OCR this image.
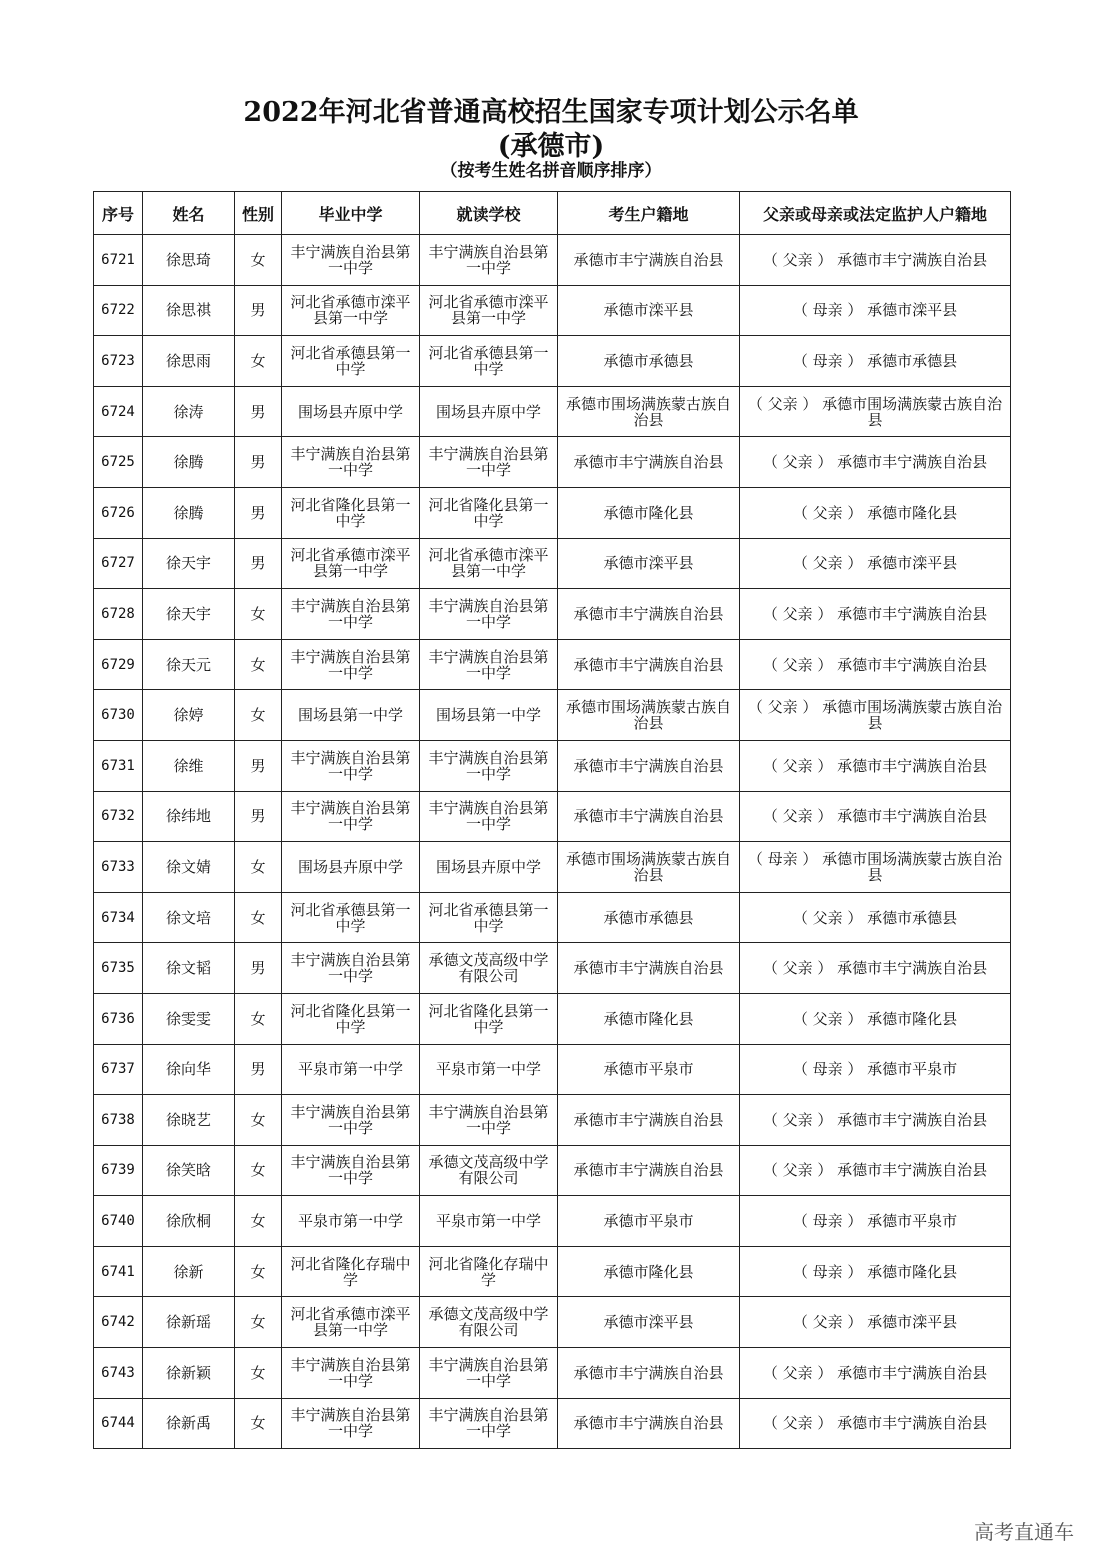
2022年河北省普通高校招生国家专项计划公示名单
(承德市)
（按考生姓名拼音顺序排序）
序号	姓名	性别	毕业中学	就读学校	考生户籍地	父亲或母亲或法定监护人户籍地
6721	徐思琦	女	丰宁满族自治县第一中学	丰宁满族自治县第一中学	承德市丰宁满族自治县	（ 父亲 ） 承德市丰宁满族自治县
6722	徐思祺	男	河北省承德市滦平县第一中学	河北省承德市滦平县第一中学	承德市滦平县	（ 母亲 ） 承德市滦平县
6723	徐思雨	女	河北省承德县第一中学	河北省承德县第一中学	承德市承德县	（ 母亲 ） 承德市承德县
6724	徐涛	男	围场县卉原中学	围场县卉原中学	承德市围场满族蒙古族自治县	（ 父亲 ） 承德市围场满族蒙古族自治县
6725	徐腾	男	丰宁满族自治县第一中学	丰宁满族自治县第一中学	承德市丰宁满族自治县	（ 父亲 ） 承德市丰宁满族自治县
6726	徐腾	男	河北省隆化县第一中学	河北省隆化县第一中学	承德市隆化县	（ 父亲 ） 承德市隆化县
6727	徐天宇	男	河北省承德市滦平县第一中学	河北省承德市滦平县第一中学	承德市滦平县	（ 父亲 ） 承德市滦平县
6728	徐天宇	女	丰宁满族自治县第一中学	丰宁满族自治县第一中学	承德市丰宁满族自治县	（ 父亲 ） 承德市丰宁满族自治县
6729	徐天元	女	丰宁满族自治县第一中学	丰宁满族自治县第一中学	承德市丰宁满族自治县	（ 父亲 ） 承德市丰宁满族自治县
6730	徐婷	女	围场县第一中学	围场县第一中学	承德市围场满族蒙古族自治县	（ 父亲 ） 承德市围场满族蒙古族自治县
6731	徐维	男	丰宁满族自治县第一中学	丰宁满族自治县第一中学	承德市丰宁满族自治县	（ 父亲 ） 承德市丰宁满族自治县
6732	徐纬地	男	丰宁满族自治县第一中学	丰宁满族自治县第一中学	承德市丰宁满族自治县	（ 父亲 ） 承德市丰宁满族自治县
6733	徐文婧	女	围场县卉原中学	围场县卉原中学	承德市围场满族蒙古族自治县	（ 母亲 ） 承德市围场满族蒙古族自治县
6734	徐文培	女	河北省承德县第一中学	河北省承德县第一中学	承德市承德县	（ 父亲 ） 承德市承德县
6735	徐文韬	男	丰宁满族自治县第一中学	承德文茂高级中学有限公司	承德市丰宁满族自治县	（ 父亲 ） 承德市丰宁满族自治县
6736	徐雯雯	女	河北省隆化县第一中学	河北省隆化县第一中学	承德市隆化县	（ 父亲 ） 承德市隆化县
6737	徐向华	男	平泉市第一中学	平泉市第一中学	承德市平泉市	（ 母亲 ） 承德市平泉市
6738	徐晓艺	女	丰宁满族自治县第一中学	丰宁满族自治县第一中学	承德市丰宁满族自治县	（ 父亲 ） 承德市丰宁满族自治县
6739	徐笑晗	女	丰宁满族自治县第一中学	承德文茂高级中学有限公司	承德市丰宁满族自治县	（ 父亲 ） 承德市丰宁满族自治县
6740	徐欣桐	女	平泉市第一中学	平泉市第一中学	承德市平泉市	（ 母亲 ） 承德市平泉市
6741	徐新	女	河北省隆化存瑞中学	河北省隆化存瑞中学	承德市隆化县	（ 母亲 ） 承德市隆化县
6742	徐新瑶	女	河北省承德市滦平县第一中学	承德文茂高级中学有限公司	承德市滦平县	（ 父亲 ） 承德市滦平县
6743	徐新颖	女	丰宁满族自治县第一中学	丰宁满族自治县第一中学	承德市丰宁满族自治县	（ 父亲 ） 承德市丰宁满族自治县
6744	徐新禹	女	丰宁满族自治县第一中学	丰宁满族自治县第一中学	承德市丰宁满族自治县	（ 父亲 ） 承德市丰宁满族自治县
高考直通车
